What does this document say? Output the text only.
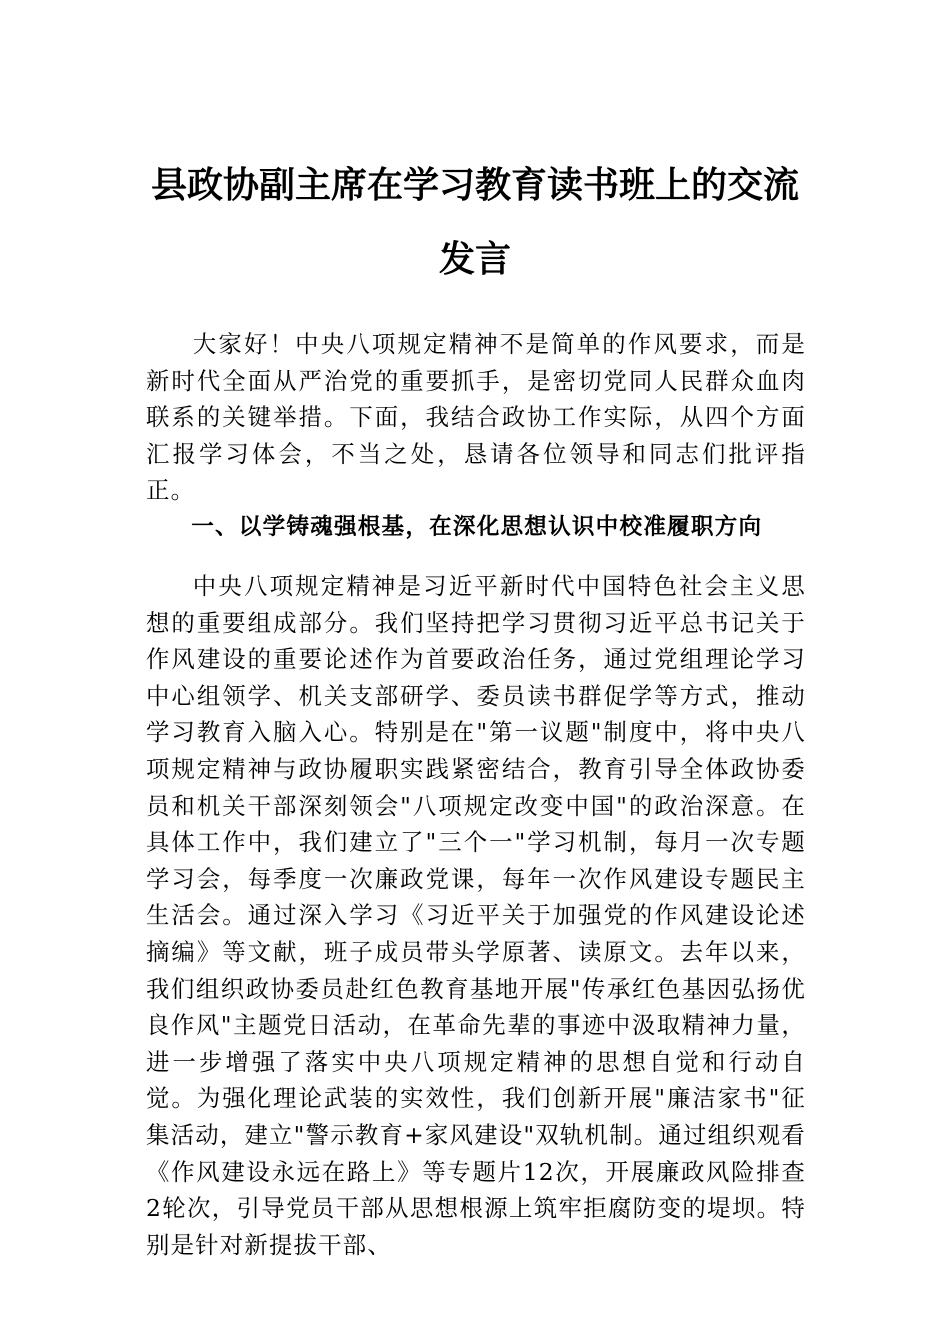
县政协副主席在学习教育读书班上的交流发言

大家好！中央八项规定精神不是简单的作风要求，而是新时代全面从严治党的重要抓手，是密切党同人民群众血肉联系的关键举措。下面，我结合政协工作实际，从四个方面汇报学习体会，不当之处，恳请各位领导和同志们批评指正。

一、以学铸魂强根基，在深化思想认识中校准履职方向

中央八项规定精神是习近平新时代中国特色社会主义思想的重要组成部分。我们坚持把学习贯彻习近平总书记关于作风建设的重要论述作为首要政治任务，通过党组理论学习中心组领学、机关支部研学、委员读书群促学等方式，推动学习教育入脑入心。特别是在"第一议题"制度中，将中央八项规定精神与政协履职实践紧密结合，教育引导全体政协委员和机关干部深刻领会"八项规定改变中国"的政治深意。在具体工作中，我们建立了"三个一"学习机制，每月一次专题学习会，每季度一次廉政党课，每年一次作风建设专题民主生活会。通过深入学习《习近平关于加强党的作风建设论述摘编》等文献，班子成员带头学原著、读原文。去年以来，我们组织政协委员赴红色教育基地开展"传承红色基因弘扬优良作风"主题党日活动，在革命先辈的事迹中汲取精神力量，进一步增强了落实中央八项规定精神的思想自觉和行动自觉。为强化理论武装的实效性，我们创新开展"廉洁家书"征集活动，建立"警示教育+家风建设"双轨机制。通过组织观看《作风建设永远在路上》等专题片12次，开展廉政风险排查2轮次，引导党员干部从思想根源上筑牢拒腐防变的堤坝。特别是针对新提拔干部、
